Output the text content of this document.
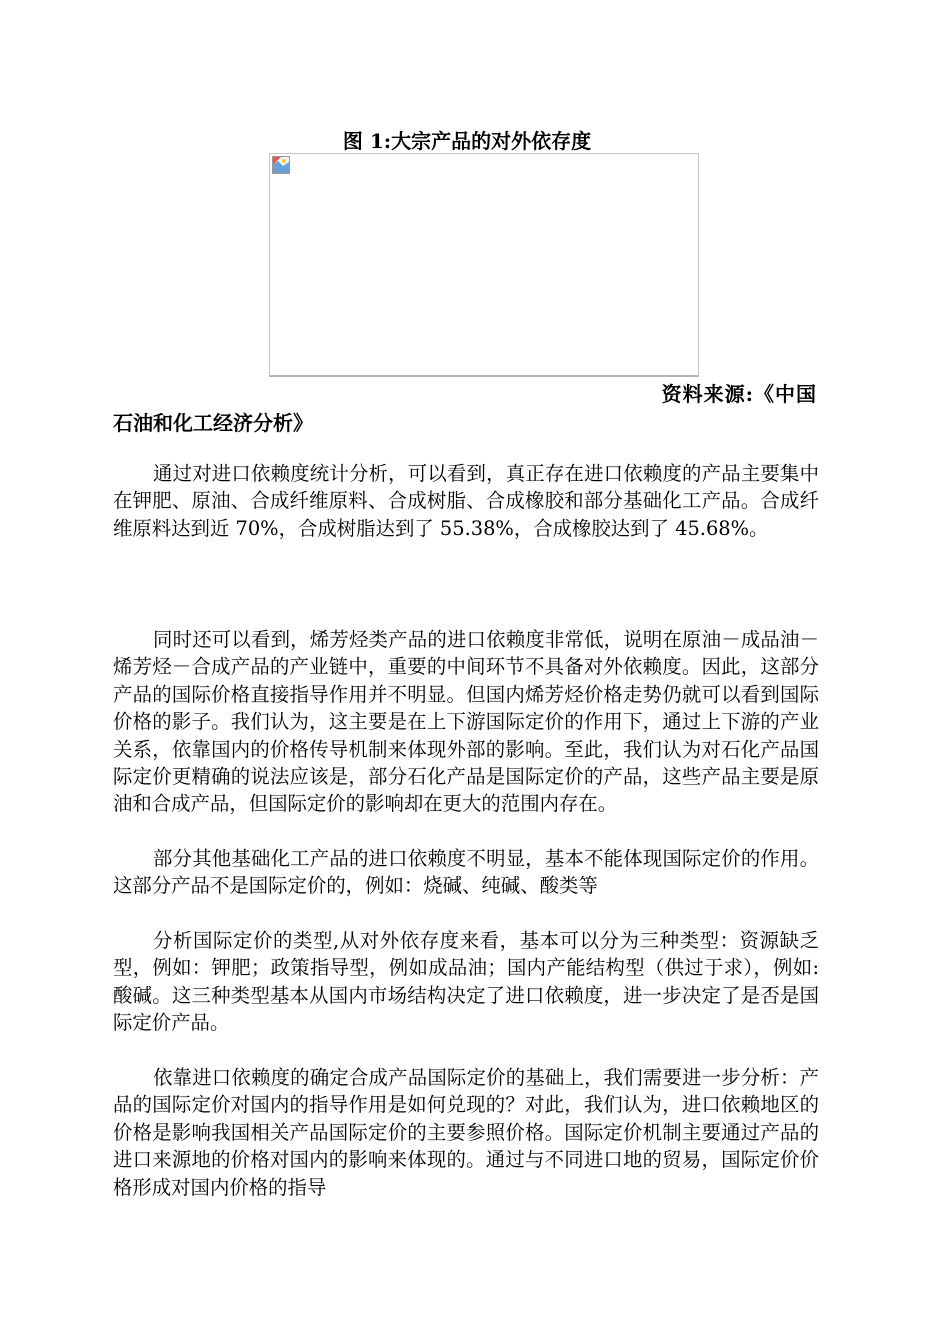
图 1:大宗产品的对外依存度
资料来源:《中国
石油和化工经济分析》

通过对进口依赖度统计分析，可以看到，真正存在进口依赖度的产品主要集中在钾肥、原油、合成纤维原料、合成树脂、合成橡胶和部分基础化工产品。合成纤维原料达到近 70%，合成树脂达到了 55.38%，合成橡胶达到了 45.68%。

同时还可以看到，烯芳烃类产品的进口依赖度非常低，说明在原油－成品油－烯芳烃－合成产品的产业链中，重要的中间环节不具备对外依赖度。因此，这部分产品的国际价格直接指导作用并不明显。但国内烯芳烃价格走势仍就可以看到国际价格的影子。我们认为，这主要是在上下游国际定价的作用下，通过上下游的产业关系，依靠国内的价格传导机制来体现外部的影响。至此，我们认为对石化产品国际定价更精确的说法应该是，部分石化产品是国际定价的产品，这些产品主要是原油和合成产品，但国际定价的影响却在更大的范围内存在。

部分其他基础化工产品的进口依赖度不明显，基本不能体现国际定价的作用。这部分产品不是国际定价的，例如：烧碱、纯碱、酸类等

分析国际定价的类型,从对外依存度来看，基本可以分为三种类型：资源缺乏型，例如：钾肥；政策指导型，例如成品油；国内产能结构型（供过于求），例如:酸碱。这三种类型基本从国内市场结构决定了进口依赖度，进一步决定了是否是国际定价产品。

依靠进口依赖度的确定合成产品国际定价的基础上，我们需要进一步分析：产品的国际定价对国内的指导作用是如何兑现的？对此，我们认为，进口依赖地区的价格是影响我国相关产品国际定价的主要参照价格。国际定价机制主要通过产品的进口来源地的价格对国内的影响来体现的。通过与不同进口地的贸易，国际定价价格形成对国内价格的指导
